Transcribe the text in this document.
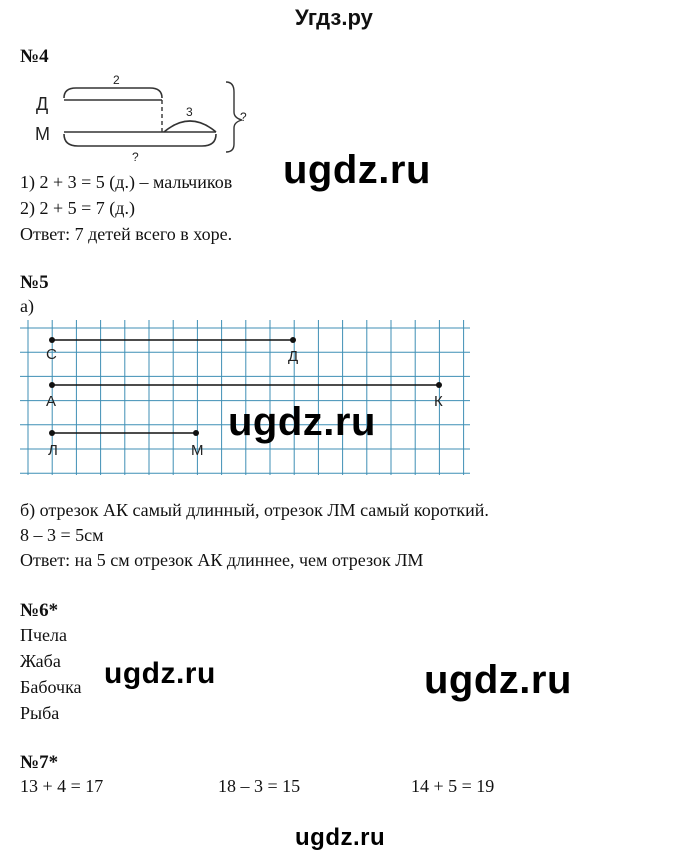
Угдз.ру
№4
Д
М
2
3
?
?
1) 2 + 3 = 5 (д.) – мальчиков
2) 2 + 5 = 7 (д.)
Ответ: 7 детей всего в хоре.
ugdz.ru
№5
а)
С	Д
А	К
Л	М
ugdz.ru
б) отрезок АК самый длинный, отрезок ЛМ самый короткий.
8 – 3 = 5см
Ответ: на 5 см отрезок АК длиннее, чем отрезок ЛМ
№6*
Пчела
Жаба
Бабочка
Рыба
ugdz.ru	ugdz.ru
№7*
13 + 4 = 17	18 – 3 = 15	14 + 5 = 19
ugdz.ru
